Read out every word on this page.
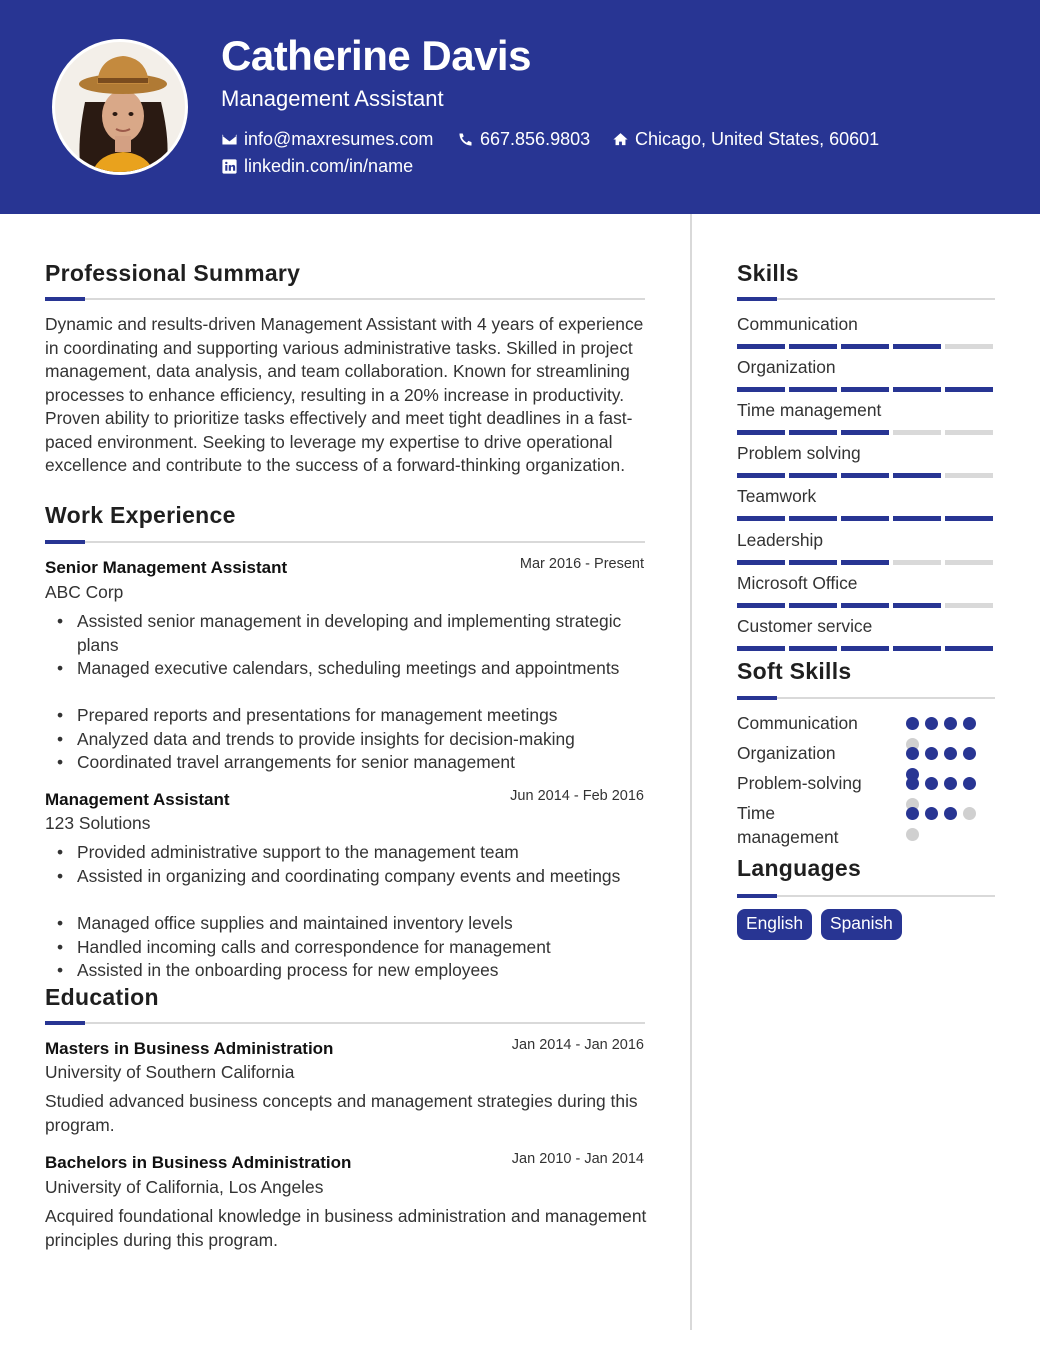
Catherine Davis
Management Assistant
info@maxresumes.com	667.856.9803 Chicago, United States, 60601
linkedin.com/in/name
Professional Summary
Dynamic and results-driven Management Assistant with 4 years of experience in coordinating and supporting various administrative tasks. Skilled in project management, data analysis, and team collaboration. Known for streamlining processes to enhance efficiency, resulting in a 20% increase in productivity. Proven ability to prioritize tasks effectively and meet tight deadlines in a fast-paced environment. Seeking to leverage my expertise to drive operational excellence and contribute to the success of a forward-thinking organization.
Work Experience
Senior Management Assistant	Mar 2016 - Present
ABC Corp
• Assisted senior management in developing and implementing strategic plans
• Managed executive calendars, scheduling meetings and appointments
• Prepared reports and presentations for management meetings
• Analyzed data and trends to provide insights for decision-making
• Coordinated travel arrangements for senior management
Management Assistant	Jun 2014 - Feb 2016
123 Solutions
• Provided administrative support to the management team
• Assisted in organizing and coordinating company events and meetings
• Managed office supplies and maintained inventory levels
• Handled incoming calls and correspondence for management
• Assisted in the onboarding process for new employees
Education
Masters in Business Administration	Jan 2014 - Jan 2016
University of Southern California
Studied advanced business concepts and management strategies during this program.
Bachelors in Business Administration	Jan 2010 - Jan 2014
University of California, Los Angeles
Acquired foundational knowledge in business administration and management principles during this program.
Skills
Communication
Organization
Time management
Problem solving
Teamwork
Leadership
Microsoft Office
Customer service
Soft Skills
Communication
Organization
Problem-solving
Time management
Languages
English	Spanish
